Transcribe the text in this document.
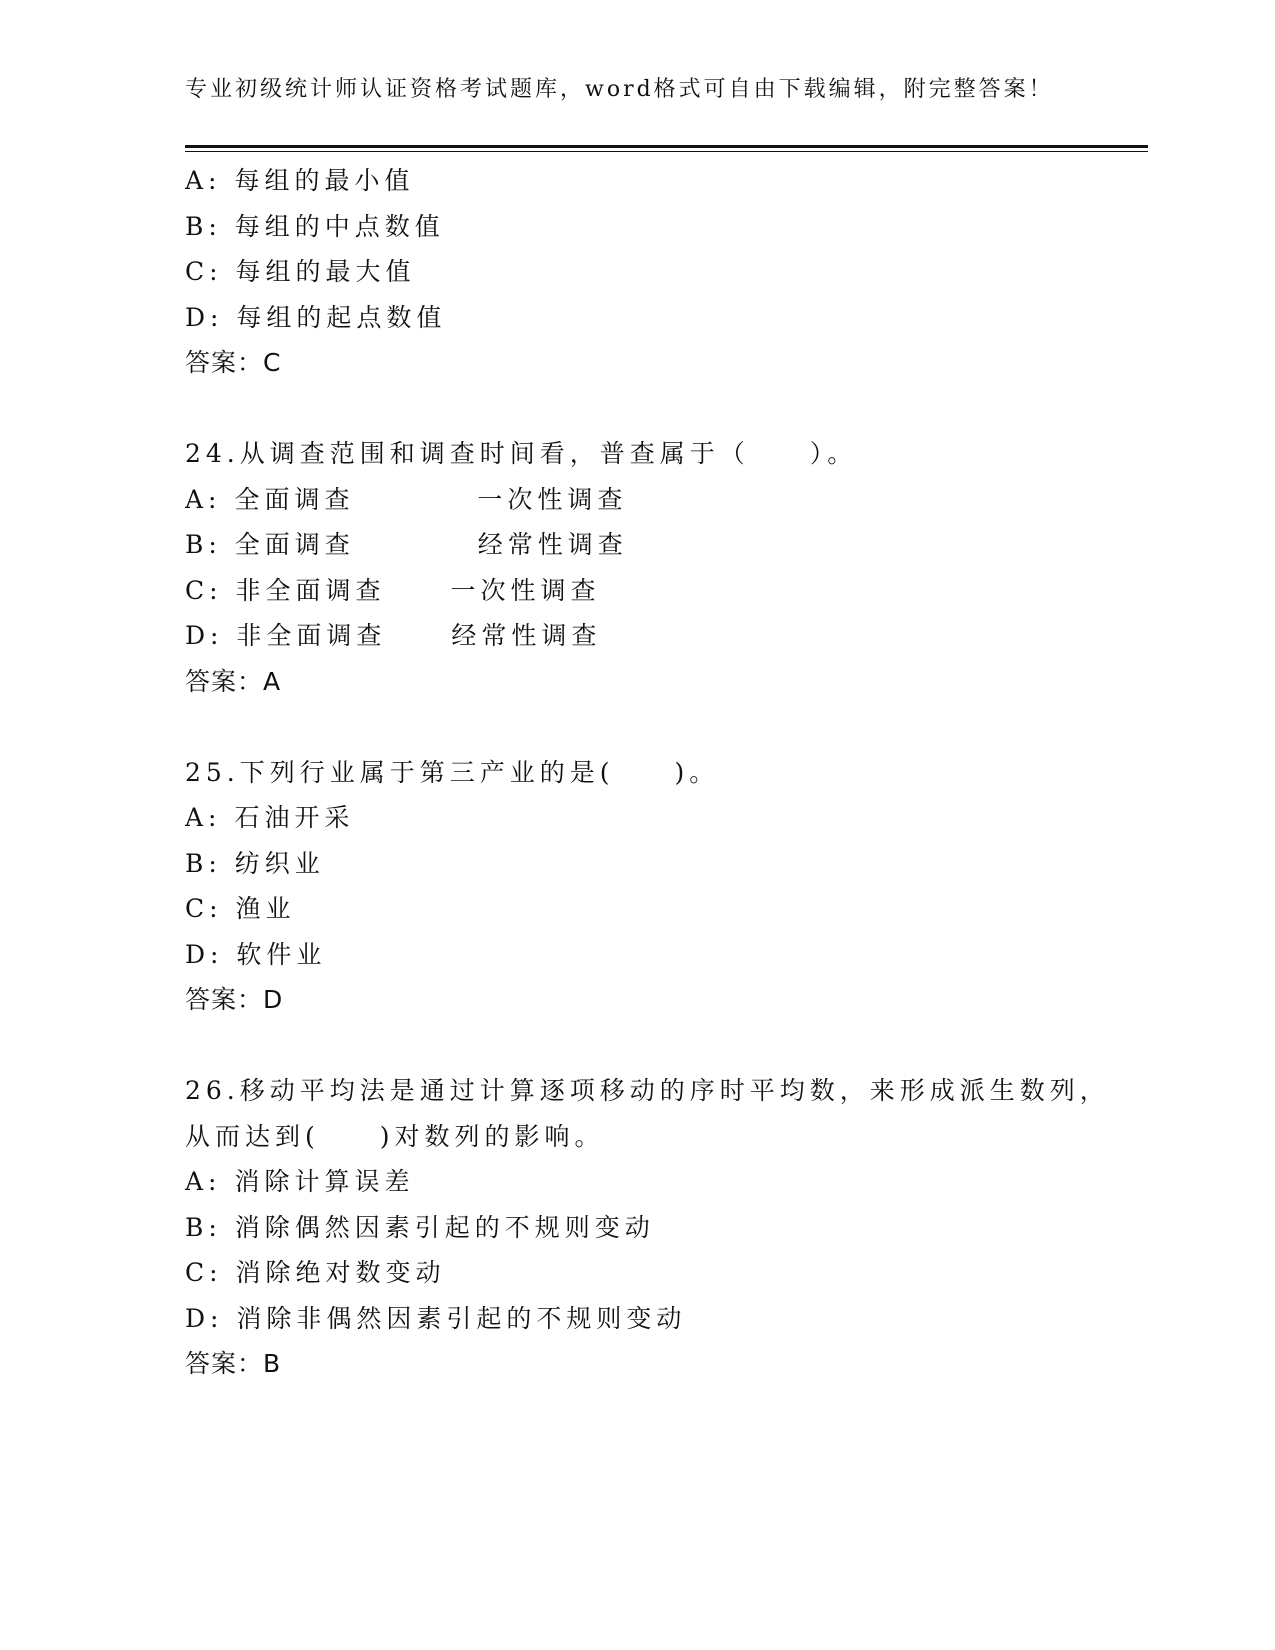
专业初级统计师认证资格考试题库，word格式可自由下载编辑，附完整答案！
A: 每组的最小值
B: 每组的中点数值
C: 每组的最大值
D: 每组的起点数值
答案：C
24.从调查范围和调查时间看，普查属于（　　）。
A: 全面调查	一次性调查
B: 全面调查	经常性调查
C: 非全面调查	一次性调查
D: 非全面调查	经常性调查
答案：A
25.下列行业属于第三产业的是(　　)。
A: 石油开采
B: 纺织业
C: 渔业
D: 软件业
答案：D
26.移动平均法是通过计算逐项移动的序时平均数，来形成派生数列，
从而达到(　　)对数列的影响。
A: 消除计算误差
B: 消除偶然因素引起的不规则变动
C: 消除绝对数变动
D: 消除非偶然因素引起的不规则变动
答案：B
